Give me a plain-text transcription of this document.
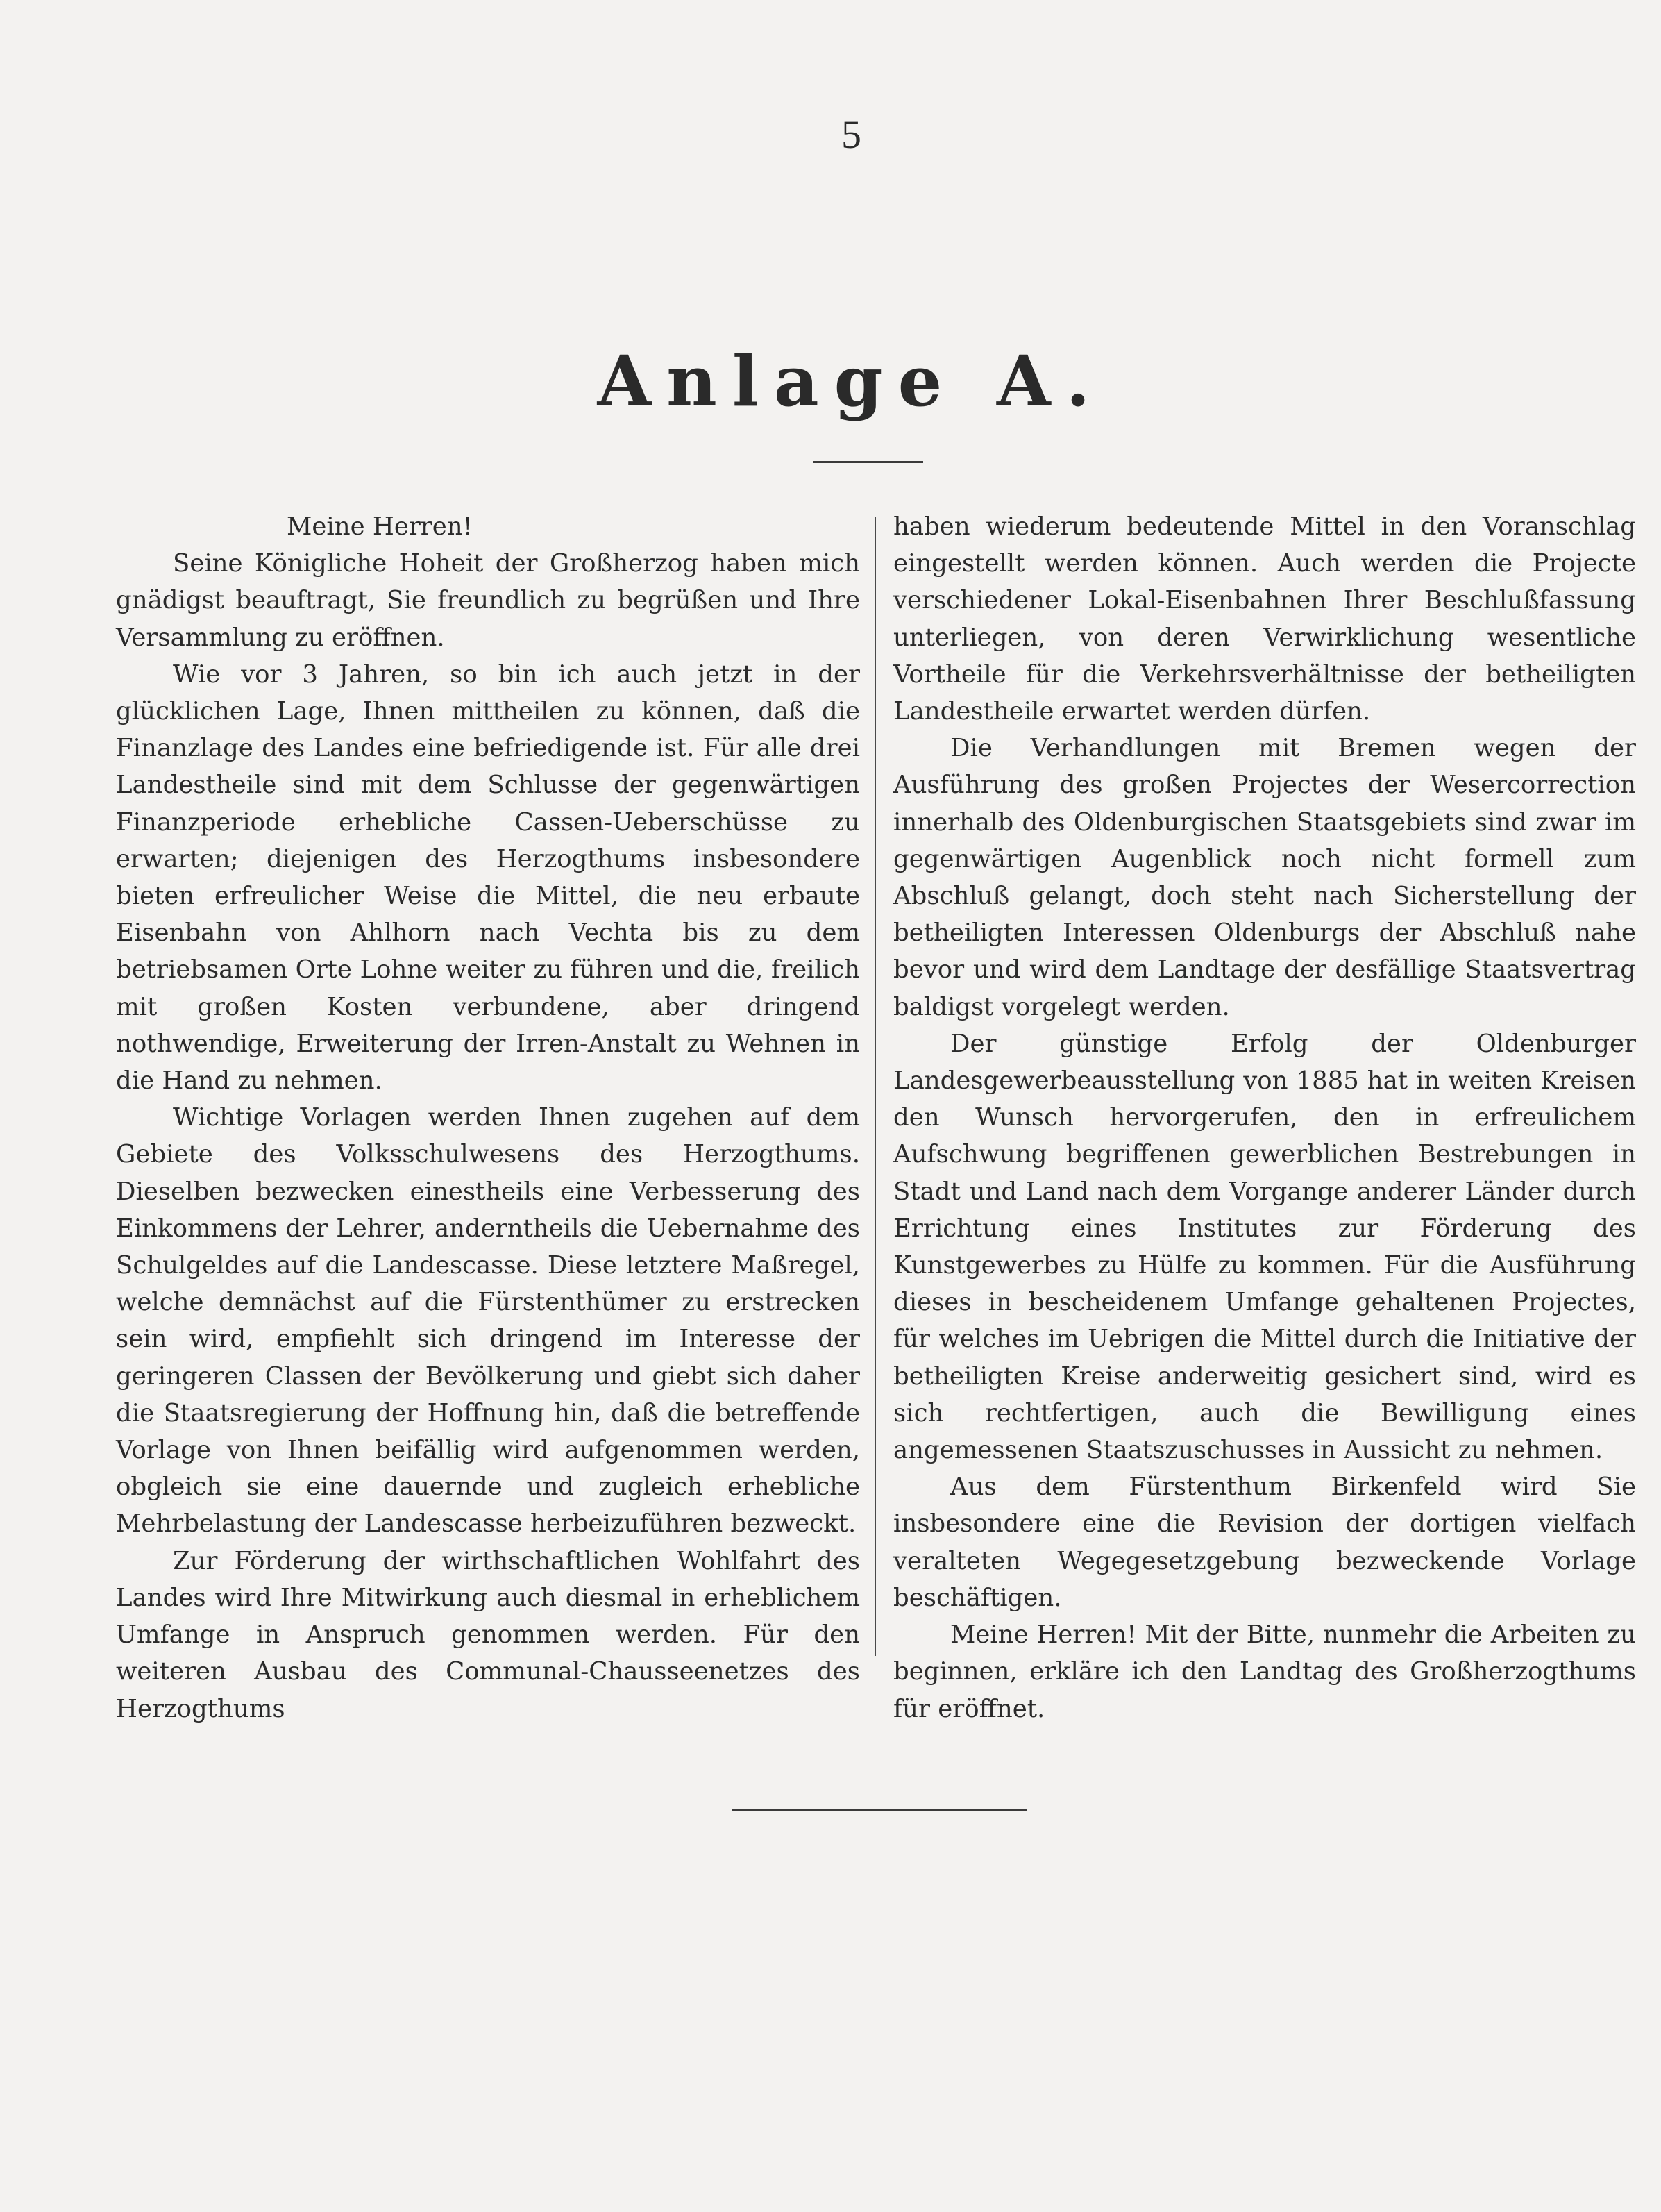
5
Anlage A.

Meine Herren!

Seine Königliche Hoheit der Großherzog haben mich gnädigst beauftragt, Sie freundlich zu begrüßen und Ihre Versammlung zu eröffnen.

Wie vor 3 Jahren, so bin ich auch jetzt in der glücklichen Lage, Ihnen mittheilen zu können, daß die Finanzlage des Landes eine befriedigende ist. Für alle drei Landestheile sind mit dem Schlusse der gegenwärtigen Finanzperiode erhebliche Cassen-Ueberschüsse zu erwarten; diejenigen des Herzogthums insbesondere bieten erfreulicher Weise die Mittel, die neu erbaute Eisenbahn von Ahlhorn nach Vechta bis zu dem betriebsamen Orte Lohne weiter zu führen und die, freilich mit großen Kosten verbundene, aber dringend nothwendige, Erweiterung der Irren-Anstalt zu Wehnen in die Hand zu nehmen.

Wichtige Vorlagen werden Ihnen zugehen auf dem Gebiete des Volksschulwesens des Herzogthums. Dieselben bezwecken einestheils eine Verbesserung des Einkommens der Lehrer, anderntheils die Uebernahme des Schulgeldes auf die Landescasse. Diese letztere Maßregel, welche demnächst auf die Fürstenthümer zu erstrecken sein wird, empfiehlt sich dringend im Interesse der geringeren Classen der Bevölkerung und giebt sich daher die Staatsregierung der Hoffnung hin, daß die betreffende Vorlage von Ihnen beifällig wird aufgenommen werden, obgleich sie eine dauernde und zugleich erhebliche Mehrbelastung der Landescasse herbeizuführen bezweckt.

Zur Förderung der wirthschaftlichen Wohlfahrt des Landes wird Ihre Mitwirkung auch diesmal in erheblichem Umfange in Anspruch genommen werden. Für den weiteren Ausbau des Communal-Chausseenetzes des Herzogthums

haben wiederum bedeutende Mittel in den Voranschlag eingestellt werden können. Auch werden die Projecte verschiedener Lokal-Eisenbahnen Ihrer Beschlußfassung unterliegen, von deren Verwirklichung wesentliche Vortheile für die Verkehrsverhältnisse der betheiligten Landestheile erwartet werden dürfen.

Die Verhandlungen mit Bremen wegen der Ausführung des großen Projectes der Wesercorrection innerhalb des Oldenburgischen Staatsgebiets sind zwar im gegenwärtigen Augenblick noch nicht formell zum Abschluß gelangt, doch steht nach Sicherstellung der betheiligten Interessen Oldenburgs der Abschluß nahe bevor und wird dem Landtage der desfällige Staatsvertrag baldigst vorgelegt werden.

Der günstige Erfolg der Oldenburger Landesgewerbeausstellung von 1885 hat in weiten Kreisen den Wunsch hervorgerufen, den in erfreulichem Aufschwung begriffenen gewerblichen Bestrebungen in Stadt und Land nach dem Vorgange anderer Länder durch Errichtung eines Institutes zur Förderung des Kunstgewerbes zu Hülfe zu kommen. Für die Ausführung dieses in bescheidenem Umfange gehaltenen Projectes, für welches im Uebrigen die Mittel durch die Initiative der betheiligten Kreise anderweitig gesichert sind, wird es sich rechtfertigen, auch die Bewilligung eines angemessenen Staatszuschusses in Aussicht zu nehmen.

Aus dem Fürstenthum Birkenfeld wird Sie insbesondere eine die Revision der dortigen vielfach veralteten Wegegesetzgebung bezweckende Vorlage beschäftigen.

Meine Herren! Mit der Bitte, nunmehr die Arbeiten zu beginnen, erkläre ich den Landtag des Großherzogthums für eröffnet.
